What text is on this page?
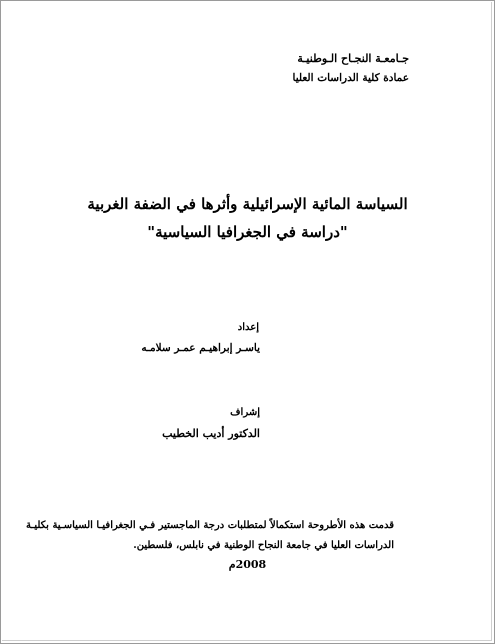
جـامعـة النجـاح الـوطنيـة
عمادة كلية الدراسات العليا
السياسة المائية الإسرائيلية وأثرها في الضفة الغربية
"دراسة في الجغرافيا السياسية"
إعداد
ياسـر إبراهيـم عمـر سلامـه
إشراف
الدكتور أديب الخطيب
قدمت هذه الأطروحة استكمالاً لمتطلبات درجة الماجستير فـي الجغرافيـا السياسـية بكليـة
الدراسات العليا في جامعة النجاح الوطنية في نابلس، فلسطين.
2008م
